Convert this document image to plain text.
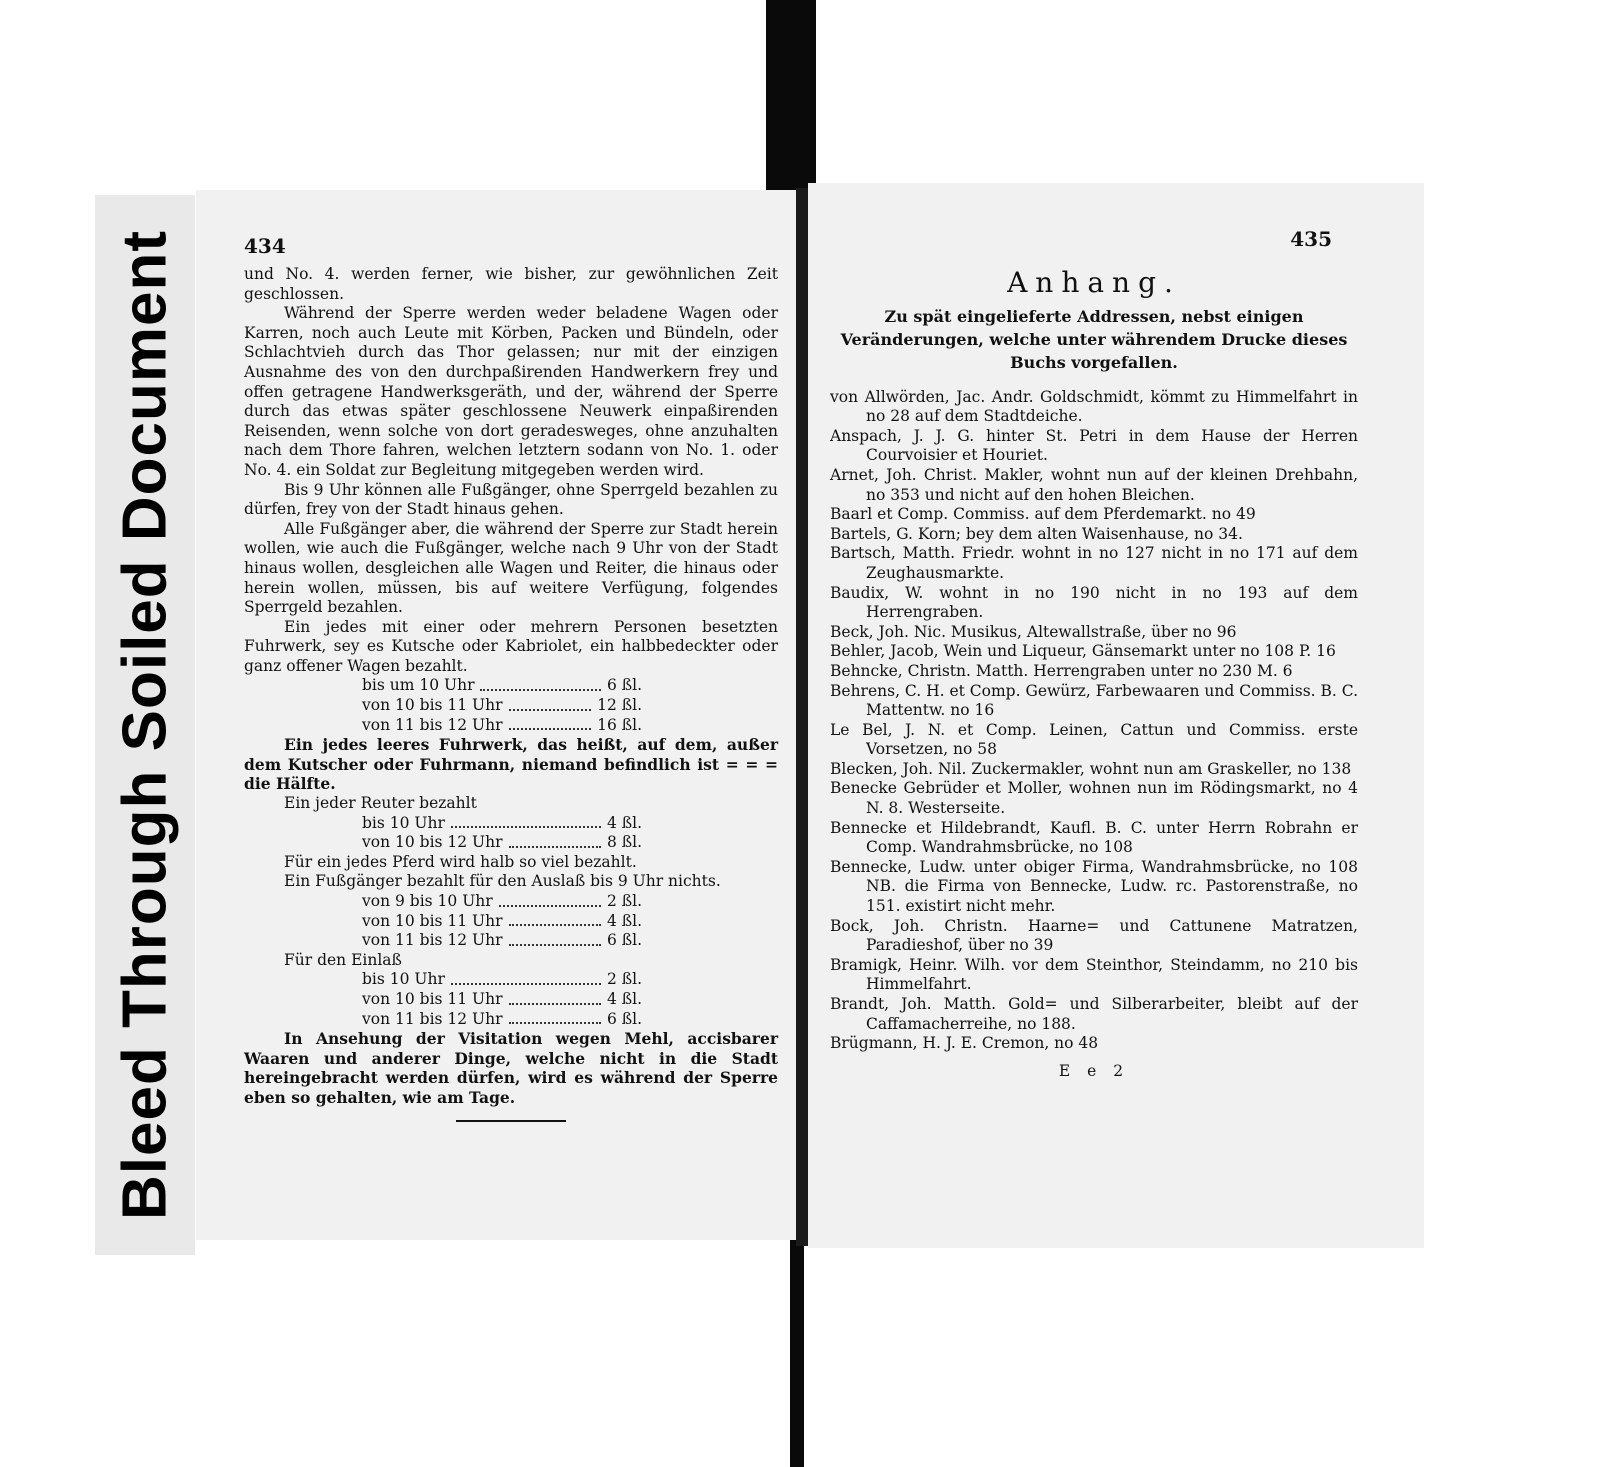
Bleed Through Soiled Document	434

und No. 4. werden ferner, wie bisher, zur gewöhnlichen Zeit geschlossen.

Während der Sperre werden weder beladene Wagen oder Karren, noch auch Leute mit Körben, Packen und Bündeln, oder Schlachtvieh durch das Thor gelassen; nur mit der einzigen Ausnahme des von den durchpaßirenden Handwerkern frey und offen getragene Handwerksgeräth, und der, während der Sperre durch das etwas später geschlossene Neuwerk einpaßirenden Reisenden, wenn solche von dort geradesweges, ohne anzuhalten nach dem Thore fahren, welchen letztern sodann von No. 1. oder No. 4. ein Soldat zur Begleitung mitgegeben werden wird.

Bis 9 Uhr können alle Fußgänger, ohne Sperrgeld bezahlen zu dürfen, frey von der Stadt hinaus gehen.

Alle Fußgänger aber, die während der Sperre zur Stadt herein wollen, wie auch die Fußgänger, welche nach 9 Uhr von der Stadt hinaus wollen, desgleichen alle Wagen und Reiter, die hinaus oder herein wollen, müssen, bis auf weitere Verfügung, folgendes Sperrgeld bezahlen.

Ein jedes mit einer oder mehrern Personen besetzten Fuhrwerk, sey es Kutsche oder Kabriolet, ein halbbedeckter oder ganz offener Wagen bezahlt.

bis um 10 Uhr	6 ßl.
von 10 bis 11 Uhr	12 ßl.
von 11 bis 12 Uhr	16 ßl.

Ein jedes leeres Fuhrwerk, das heißt, auf dem, außer dem Kutscher oder Fuhrmann, niemand befindlich ist = = = die Hälfte.

Ein jeder Reuter bezahlt

bis 10 Uhr	4 ßl.
von 10 bis 12 Uhr	8 ßl.

Für ein jedes Pferd wird halb so viel bezahlt.

Ein Fußgänger bezahlt für den Auslaß bis 9 Uhr nichts.

von 9 bis 10 Uhr	2 ßl.
von 10 bis 11 Uhr	4 ßl.
von 11 bis 12 Uhr	6 ßl.

Für den Einlaß

bis 10 Uhr	2 ßl.
von 10 bis 11 Uhr	4 ßl.
von 11 bis 12 Uhr	6 ßl.

In Ansehung der Visitation wegen Mehl, accisbarer Waaren und anderer Dinge, welche nicht in die Stadt hereingebracht werden dürfen, wird es während der Sperre eben so gehalten, wie am Tage.

435
Anhang.
Zu spät eingelieferte Addressen, nebst einigen Veränderungen, welche unter währendem Drucke dieses Buchs vorgefallen.

von Allwörden, Jac. Andr. Goldschmidt, kömmt zu Himmelfahrt in no 28 auf dem Stadtdeiche.

Anspach, J. J. G. hinter St. Petri in dem Hause der Herren Courvoisier et Houriet.

Arnet, Joh. Christ. Makler, wohnt nun auf der kleinen Drehbahn, no 353 und nicht auf den hohen Bleichen.

Baarl et Comp. Commiss. auf dem Pferdemarkt. no 49

Bartels, G. Korn; bey dem alten Waisenhause, no 34.

Bartsch, Matth. Friedr. wohnt in no 127 nicht in no 171 auf dem Zeughausmarkte.

Baudix, W. wohnt in no 190 nicht in no 193 auf dem Herrengraben.

Beck, Joh. Nic. Musikus, Altewallstraße, über no 96

Behler, Jacob, Wein und Liqueur, Gänsemarkt unter no 108 P. 16

Behncke, Christn. Matth. Herrengraben unter no 230 M. 6

Behrens, C. H. et Comp. Gewürz, Farbewaaren und Commiss. B. C. Mattentw. no 16

Le Bel, J. N. et Comp. Leinen, Cattun und Commiss. erste Vorsetzen, no 58

Blecken, Joh. Nil. Zuckermakler, wohnt nun am Graskeller, no 138

Benecke Gebrüder et Moller, wohnen nun im Rödingsmarkt, no 4 N. 8. Westerseite.

Bennecke et Hildebrandt, Kaufl. B. C. unter Herrn Robrahn er Comp. Wandrahmsbrücke, no 108

Bennecke, Ludw. unter obiger Firma, Wandrahmsbrücke, no 108 NB. die Firma von Bennecke, Ludw. rc. Pastorenstraße, no 151. existirt nicht mehr.

Bock, Joh. Christn. Haarne= und Cattunene Matratzen, Paradieshof, über no 39

Bramigk, Heinr. Wilh. vor dem Steinthor, Steindamm, no 210 bis Himmelfahrt.

Brandt, Joh. Matth. Gold= und Silberarbeiter, bleibt auf der Caffamacherreihe, no 188.

Brügmann, H. J. E. Cremon, no 48

E e 2
